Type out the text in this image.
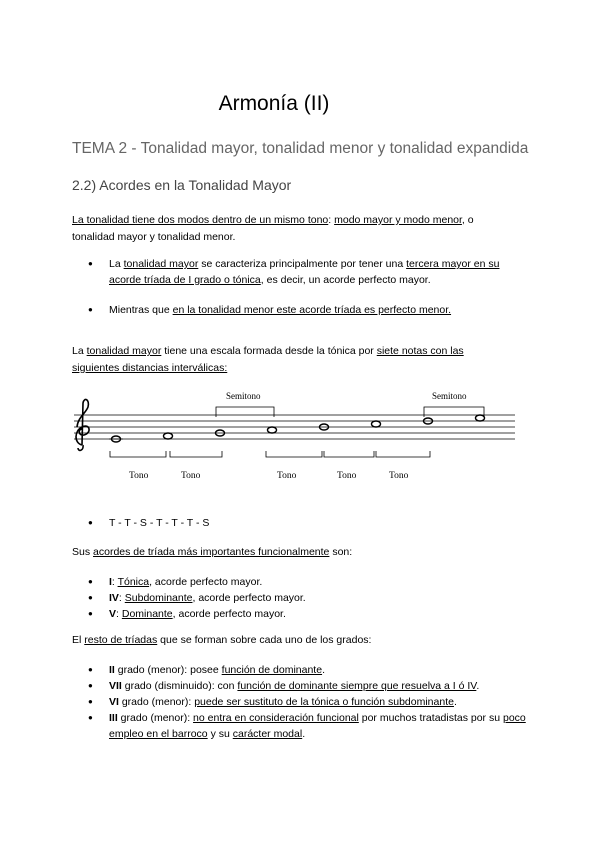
Armonía (II)
TEMA 2 - Tonalidad mayor, tonalidad menor y tonalidad expandida
2.2) Acordes en la Tonalidad Mayor
La tonalidad tiene dos modos dentro de un mismo tono: modo mayor y modo menor, o tonalidad mayor y tonalidad menor.
● La tonalidad mayor se caracteriza principalmente por tener una tercera mayor en su acorde tríada de I grado o tónica, es decir, un acorde perfecto mayor.
● Mientras que en la tonalidad menor este acorde tríada es perfecto menor.
La tonalidad mayor tiene una escala formada desde la tónica por siete notas con las siguientes distancias interválicas:
Semitono	Semitono
Tono	Tono	Tono	Tono	Tono
● T - T - S - T - T - T - S
Sus acordes de tríada más importantes funcionalmente son:
● I: Tónica, acorde perfecto mayor.
● IV: Subdominante, acorde perfecto mayor.
● V: Dominante, acorde perfecto mayor.
El resto de tríadas que se forman sobre cada uno de los grados:
● II grado (menor): posee función de dominante.
● VII grado (disminuido): con función de dominante siempre que resuelva a I ó IV.
● VI grado (menor): puede ser sustituto de la tónica o función subdominante.
● III grado (menor): no entra en consideración funcional por muchos tratadistas por su poco empleo en el barroco y su carácter modal.
